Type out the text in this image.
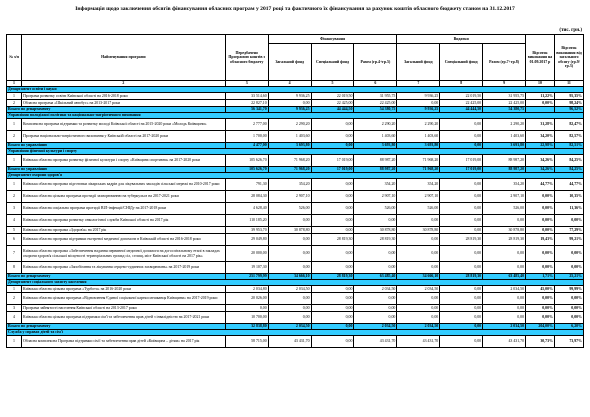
Інформація щодо заключення обсягів фінансування обласних програм у 2017 році та фактичного їх фінансування за рахунок коштів обласного бюджету станом на 31.12.2017
(тис. грн.)
№ з/п	Найменування програми	Передбачено Програмою коштів з обласного бюджету	Фінансування			Видатки			Відсоток виконання на 01.09.2017 р	Відсоток виконання від загального обсягу (гр.9/гр.3)
			Загальний фонд	Спеціальний фонд	Разом (гр.4+гр.5)	Загальний фонд	Спеціальний фонд	Разом (гр.7+гр.8)		
1	2	3	4	5	6	7	8	9	10	11
Департамент освіти і науки										
1	Програма розвитку освіти Київської області на 2016-2018 роки	33 514,60	9 936,25	22 019,50	31 955,75	9 936,25	22 019,50	31 955,75	11,22%	95,35%
2	Обласна програма «Шкільний автобус» на 2013-2017 роки	22 827,10	0,00	22 425,00	22 425,00	0,00	22 425,00	22 425,00	0,00%	98,24%
Всього по департаменту		56 341,70	9 936,25	44 444,50	54 380,75	9 936,25	44 444,50	54 380,75		96,52%
Управління молодіжної політики та національно-патріотичного виховання										
1	Комплексна програма підтримки та розвитку молоді Київської області на 2015-2020 роки «Молодь Київщини»	2 777,00	2 290,20	0,00	2 290,20	2 290,20	0,00	2 290,20	31,28%	82,47%
2	Програма національно-патріотичного виховання у Київській області на 2017-2020 роки	1 700,00	1 403,60	0,00	1 403,60	1 403,60	0,00	1 403,60	34,20%	82,57%
Всього по управлінню		4 477,00	3 693,80	0,00	3 693,80	3 693,80	0,00	3 693,80	22,98%	82,51%
Управління фізичної культури і спорту										
1	Київська обласна програма розвитку фізичної культури і спорту «Київщина спортивна» на 2017-2020 роки	105 626,70	71 968,20	17 019,00	88 987,20	71 968,20	17 019,00	88 987,20	34,26%	84,25%
Всього по управлінню		105 626,70	71 968,20	17 019,00	88 987,20	71 968,20	17 019,00	88 987,20	34,26%	84,25%
Департамент охорони здоров'я										
1	Київська обласна програма підготовки лікарських кадрів для лікувальних закладів сільської мережі на 2010-2017 роки	791,30	354,20	0,00	354,20	354,20	0,00	354,20	44,77%	44,77%
2	Київська обласна цільова програма протидії захворюванню на туберкульоз на 2017-2021 роки	28 084,30	2 907,10	0,00	2 907,10	2 907,10	0,00	2 907,10	0,00%	10,35%
3	Київська обласна соціальна програма протидії ВІЛ-інфекції/СНІДу на 2017-2018 роки	4 628,40	526,00	0,00	526,00	526,00	0,00	526,00	0,00%	11,36%
4	Київська обласна програма розвитку онкологічної служби Київської області на 2017 рік	110 185,20	0,00	0,00	0,00	0,00	0,00	0,00	0,00%	0,00%
5	Київська обласна програма «Здоров'я» на 2017 рік	39 953,70	30 878,80	0,00	30 878,80	30 878,80	0,00	30 878,80	0,00%	77,29%
6	Київська обласна програма підтримки екстреної медичної допомоги в Київській області на 2016-2018 роки	29 049,80	0,00	28 819,30	28 819,30	0,00	28 819,30	28 819,30	19,43%	99,21%
7	Київська обласна програма «Забезпечення надання первинної медичної допомоги на догоспітальному етапі в закладах охорони здоров'я сільської місцевості територіальних громад сіл, селищ, міст Київської області на 2017 рік»	20 000,00	0,00	0,00	0,00	0,00	0,00	0,00	0,00%	0,00%
8	Київська обласна програма «Запобігання та лікування серцево-судинних захворювань» на 2017-2019 роки	19 107,30	0,00	0,00	0,00	0,00	0,00	0,00	0,00%	0,00%
Всього по департаменту		251 799,99	34 666,10	28 819,30	63 485,40	34 666,10	28 819,30	63 485,40	1,71%	25,21%
Департамент соціального захисту населення										
1	Київська обласна цільова програма «Турбота» на 2016-2020 роки	2 034,80	2 034,50	0,00	2 034,50	2 034,50	0,00	2 034,50	45,00%	99,99%
2	Київська обласна цільова програма «Відновлення Єдиної соціальної картки мешканця Київщини» на 2017-2019 роки	20 026,00	0,00	0,00	0,00	0,00	0,00	0,00	0,00%	0,00%
3	Програма зайнятості населення Київської області на 2013-2017 роки	0,00	0,00	0,00	0,00	0,00	0,00	0,00	0,00%	0,00%
4	Київська обласна цільова програма підтримки сім'ї та забезпечення прав дітей з інвалідністю на 2017-2021 роки	10 700,00	0,00	0,00	0,00	0,00	0,00	0,00	0,00%	0,00%
Всього по департаменту		32 838,80	2 034,50	0,00	2 034,50	2 034,50	0,00	2 034,50	204,00%	6,20%
Служба у справах дітей та сім'ї										
1	Обласна комплексна Програма підтримки сім'ї та забезпечення прав дітей «Київщина – дітям» на 2017 рік	58 715,00	43 431,70	0,00	43 431,70	43 431,70	0,00	43 431,70	30,73%	73,97%
